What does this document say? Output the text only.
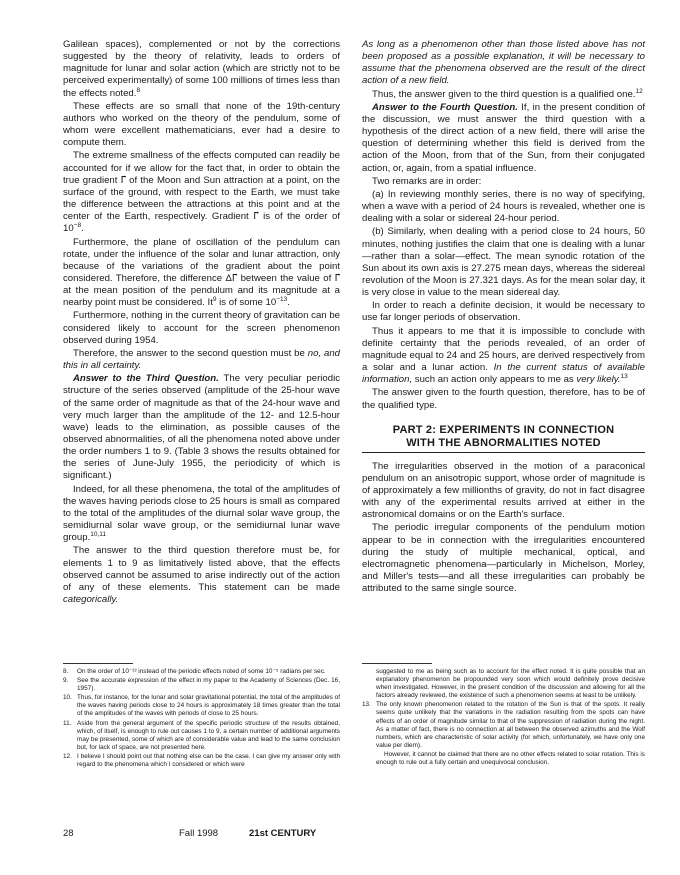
Galilean spaces), complemented or not by the corrections suggested by the theory of relativity, leads to orders of magnitude for lunar and solar action (which are strictly not to be perceived experimentally) of some 100 millions of times less than the effects noted.$^8$

These effects are so small that none of the 19th-century authors who worked on the theory of the pendulum, some of whom were excellent mathematicians, ever had a desire to compute them.

The extreme smallness of the effects computed can readily be accounted for if we allow for the fact that, in order to obtain the true gradient Γ⃗ of the Moon and Sun attraction at a point, on the surface of the ground, with respect to the Earth, we must take the difference between the attractions at this point and at the center of the Earth, respectively. Gradient Γ⃗ is of the order of $10^{-8}$.

Furthermore, the plane of oscillation of the pendulum can rotate, under the influence of the solar and lunar attraction, only because of the variations of the gradient about the point considered. Therefore, the difference ΔΓ⃗ between the value of Γ⃗ at the mean position of the pendulum and its magnitude at a nearby point must be considered. It$^9$ is of some $10^{-13}$.

Furthermore, nothing in the current theory of gravitation can be considered likely to account for the screen phenomenon observed during 1954.

Therefore, the answer to the second question must be no, and this in all certainty.

Answer to the Third Question. The very peculiar periodic structure of the series observed (amplitude of the 25-hour wave of the same order of magnitude as that of the 24-hour wave and very much larger than the amplitude of the 12- and 12.5-hour wave) leads to the elimination, as possible causes of the observed abnormalities, of all the phenomena noted above under the order numbers 1 to 9. (Table 3 shows the results obtained for the series of June-July 1955, the periodicity of which is significant.)

Indeed, for all these phenomena, the total of the amplitudes of the waves having periods close to 25 hours is small as compared to the total of the amplitudes of the diurnal solar wave group, the semidiurnal solar wave group, or the semidiurnal lunar wave group.$^{10,11}$

The answer to the third question therefore must be, for elements 1 to 9 as limitatively listed above, that the effects observed cannot be assumed to arise indirectly out of the action of any of these elements. This statement can be made categorically.

As long as a phenomenon other than those listed above has not been proposed as a possible explanation, it will be necessary to assume that the phenomena observed are the result of the direct action of a new field.

Thus, the answer given to the third question is a qualified one.$^{12}$

Answer to the Fourth Question. If, in the present condition of the discussion, we must answer the third question with a hypothesis of the direct action of a new field, there will arise the question of determining whether this field is derived from the action of the Moon, from that of the Sun, from their conjugated action, or, again, from a spatial influence.

Two remarks are in order:

(a) In reviewing monthly series, there is no way of specifying, when a wave with a period of 24 hours is revealed, whether one is dealing with a solar or sidereal 24-hour period.

(b) Similarly, when dealing with a period close to 24 hours, 50 minutes, nothing justifies the claim that one is dealing with a lunar—rather than a solar—effect. The mean synodic rotation of the Sun about its own axis is 27.275 mean days, whereas the sidereal revolution of the Moon is 27.321 days. As for the mean solar day, it is very close in value to the mean sidereal day.

In order to reach a definite decision, it would be necessary to use far longer periods of observation.

Thus it appears to me that it is impossible to conclude with definite certainty that the periods revealed, of an order of magnitude equal to 24 and 25 hours, are derived respectively from a solar and a lunar action. In the current status of available information, such an action only appears to me as very likely.$^{13}$

The answer given to the fourth question, therefore, has to be of the qualified type.

PART 2: EXPERIMENTS IN CONNECTION
WITH THE ABNORMALITIES NOTED

The irregularities observed in the motion of a paraconical pendulum on an anisotropic support, whose order of magnitude is of approximately a few millionths of gravity, do not in fact disagree with any of the experimental results arrived at either in the astronomical domains or on the Earth's surface.

The periodic irregular components of the pendulum motion appear to be in connection with the irregularities encountered during the study of multiple mechanical, optical, and electromagnetic phenomena—particularly in Michelson, Morley, and Miller's tests—and all these irregularities can probably be attributed to the same single source.

8. On the order of 10⁻¹³ instead of the periodic effects noted of some 10⁻⁵ radians per sec.
9. See the accurate expression of the effect in my paper to the Academy of Sciences (Dec. 16, 1957).
10. Thus, for instance, for the lunar and solar gravitational potential, the total of the amplitudes of the waves having periods close to 24 hours is approximately 18 times greater than the total of the amplitudes of the waves with periods of close to 25 hours.
11. Aside from the general argument of the specific periodic structure of the results obtained, which, of itself, is enough to rule out causes 1 to 9, a certain number of additional arguments may be presented, some of which are of considerable value and lead to the same conclusion but, for lack of space, are not presented here.
12. I believe I should point out that nothing else can be the case. I can give my answer only with regard to the phenomena which I considered or which were
suggested to me as being such as to account for the effect noted. It is quite possible that an explanatory phenomenon be propounded very soon which would definitely prove decisive when investigated. However, in the present condition of the discussion and allowing for all the factors already reviewed, the existence of such a phenomenon seems at least to be unlikely.
13. The only known phenomenon related to the rotation of the Sun is that of the spots. It really seems quite unlikely that the variations in the radiation resulting from the spots can have effects of an order of magnitude similar to that of the suppression of radiation during the night. As a matter of fact, there is no connection at all between the observed azimuths and the Wolf numbers, which are characteristic of solar activity (for which, unfortunately, we have only one value per diem).
However, it cannot be claimed that there are no other effects related to solar rotation. This is enough to rule out a fully certain and unequivocal conclusion.
28	Fall 1998	21st CENTURY
